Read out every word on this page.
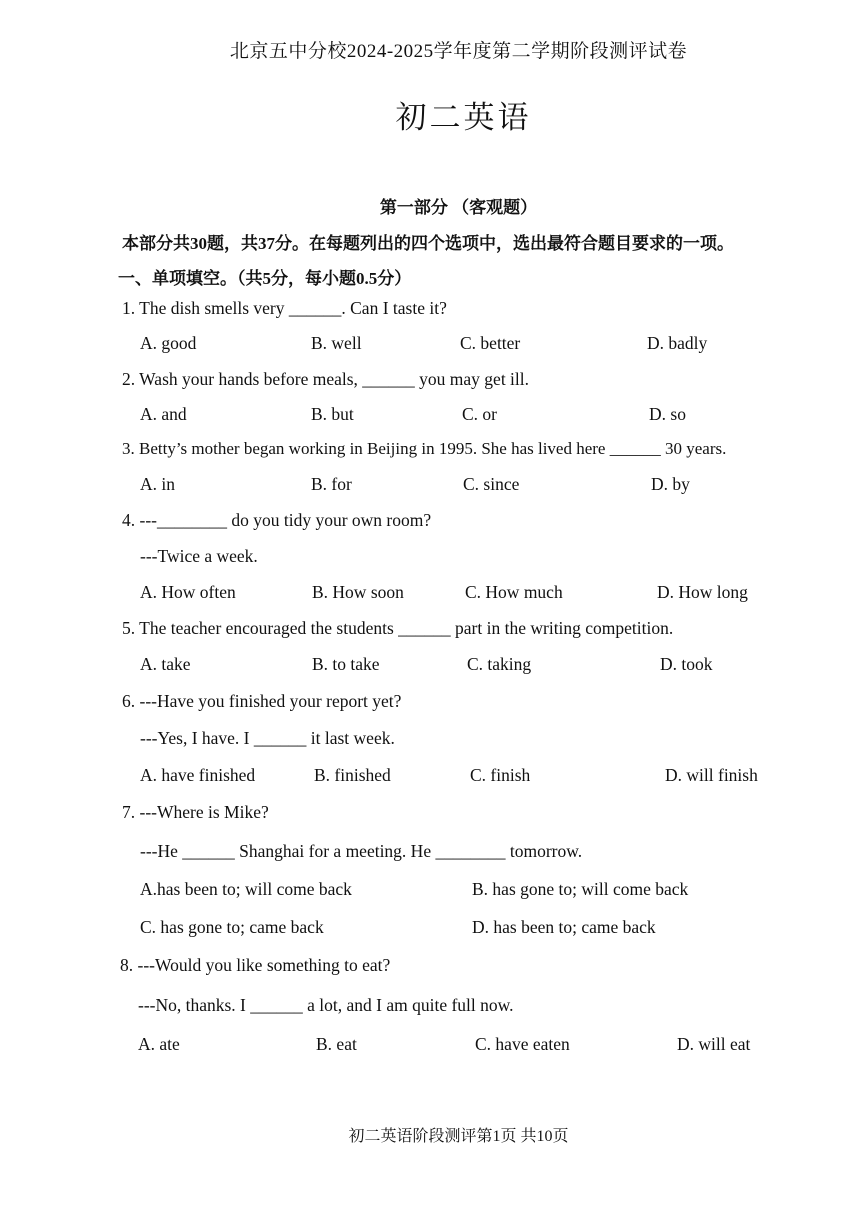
北京五中分校2024-2025学年度第二学期阶段测评试卷
初二英语
第一部分 （客观题）
本部分共30题，共37分。在每题列出的四个选项中，选出最符合题目要求的一项。
一、单项填空。（共5分，每小题0.5分）
1. The dish smells very ______. Can I taste it?
A. good	B. well	C. better	D. badly
2. Wash your hands before meals, ______ you may get ill.
A. and	B. but	C. or	D. so
3. Betty’s mother began working in Beijing in 1995. She has lived here ______ 30 years.
A. in	B. for	C. since	D. by
4. ---________ do you tidy your own room?
---Twice a week.
A. How often	B. How soon	C. How much	D. How long
5. The teacher encouraged the students ______ part in the writing competition.
A. take	B. to take	C. taking	D. took
6. ---Have you finished your report yet?
---Yes, I have. I ______ it last week.
A. have finished	B. finished	C. finish	D. will finish
7. ---Where is Mike?
---He ______ Shanghai for a meeting. He ________ tomorrow.
A.has been to; will come back	B. has gone to; will come back
C. has gone to; came back	D. has been to; came back
8. ---Would you like something to eat?
---No, thanks. I ______ a lot, and I am quite full now.
A. ate	B. eat	C. have eaten	D. will eat
初二英语阶段测评第1页 共10页
